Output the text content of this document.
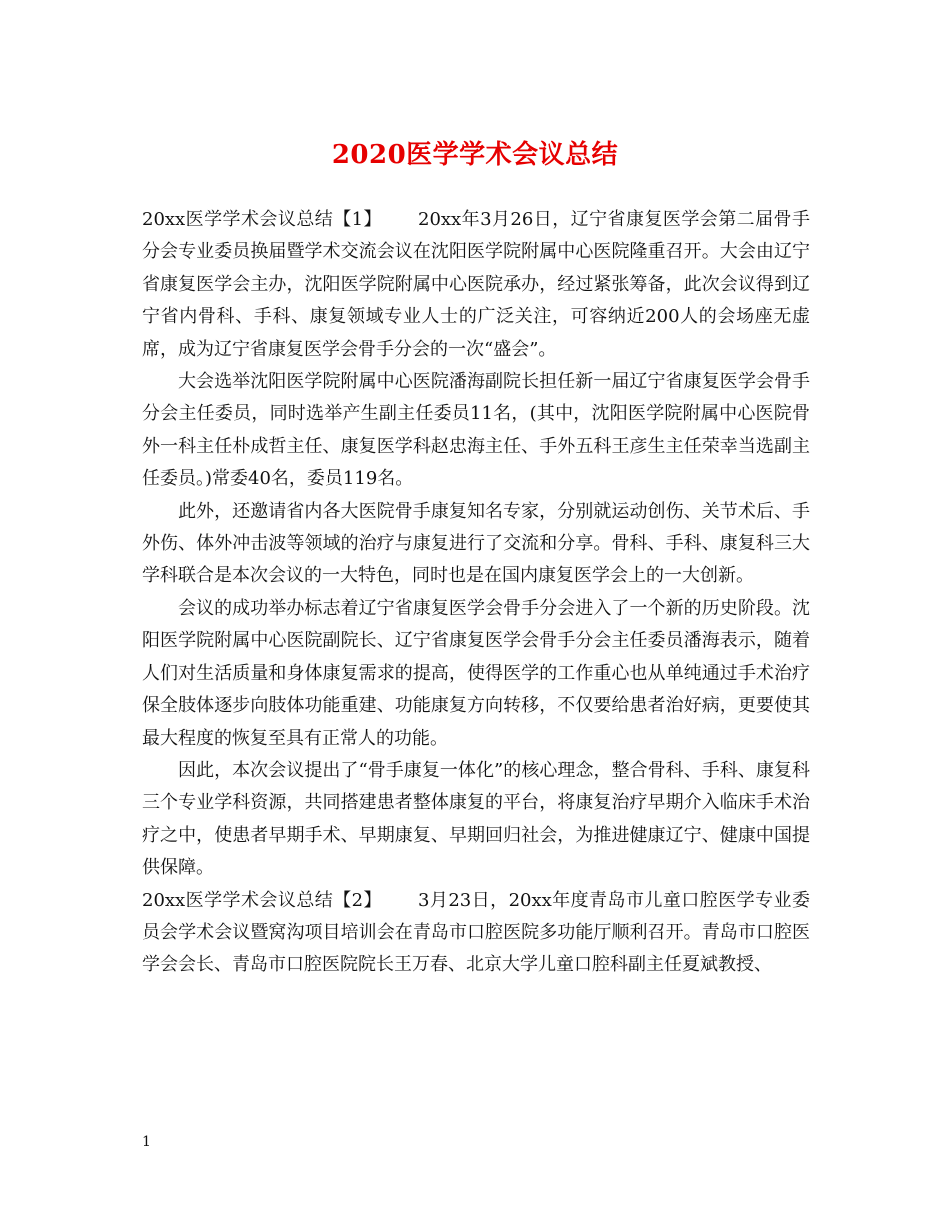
2020医学学术会议总结

20xx医学学术会议总结【1】 20xx年3月26日，辽宁省康复医学会第二届骨手分会专业委员换届暨学术交流会议在沈阳医学院附属中心医院隆重召开。大会由辽宁省康复医学会主办，沈阳医学院附属中心医院承办，经过紧张筹备，此次会议得到辽宁省内骨科、手科、康复领域专业人士的广泛关注，可容纳近200人的会场座无虚席，成为辽宁省康复医学会骨手分会的一次“盛会”。

大会选举沈阳医学院附属中心医院潘海副院长担任新一届辽宁省康复医学会骨手分会主任委员，同时选举产生副主任委员11名，(其中，沈阳医学院附属中心医院骨外一科主任朴成哲主任、康复医学科赵忠海主任、手外五科王彦生主任荣幸当选副主任委员。)常委40名，委员119名。

此外，还邀请省内各大医院骨手康复知名专家，分别就运动创伤、关节术后、手外伤、体外冲击波等领域的治疗与康复进行了交流和分享。骨科、手科、康复科三大学科联合是本次会议的一大特色，同时也是在国内康复医学会上的一大创新。

会议的成功举办标志着辽宁省康复医学会骨手分会进入了一个新的历史阶段。沈阳医学院附属中心医院副院长、辽宁省康复医学会骨手分会主任委员潘海表示，随着人们对生活质量和身体康复需求的提高，使得医学的工作重心也从单纯通过手术治疗保全肢体逐步向肢体功能重建、功能康复方向转移，不仅要给患者治好病，更要使其最大程度的恢复至具有正常人的功能。

因此，本次会议提出了“骨手康复一体化”的核心理念，整合骨科、手科、康复科三个专业学科资源，共同搭建患者整体康复的平台，将康复治疗早期介入临床手术治疗之中，使患者早期手术、早期康复、早期回归社会，为推进健康辽宁、健康中国提供保障。

20xx医学学术会议总结【2】 3月23日，20xx年度青岛市儿童口腔医学专业委员会学术会议暨窝沟项目培训会在青岛市口腔医院多功能厅顺利召开。青岛市口腔医学会会长、青岛市口腔医院院长王万春、北京大学儿童口腔科副主任夏斌教授、

1
